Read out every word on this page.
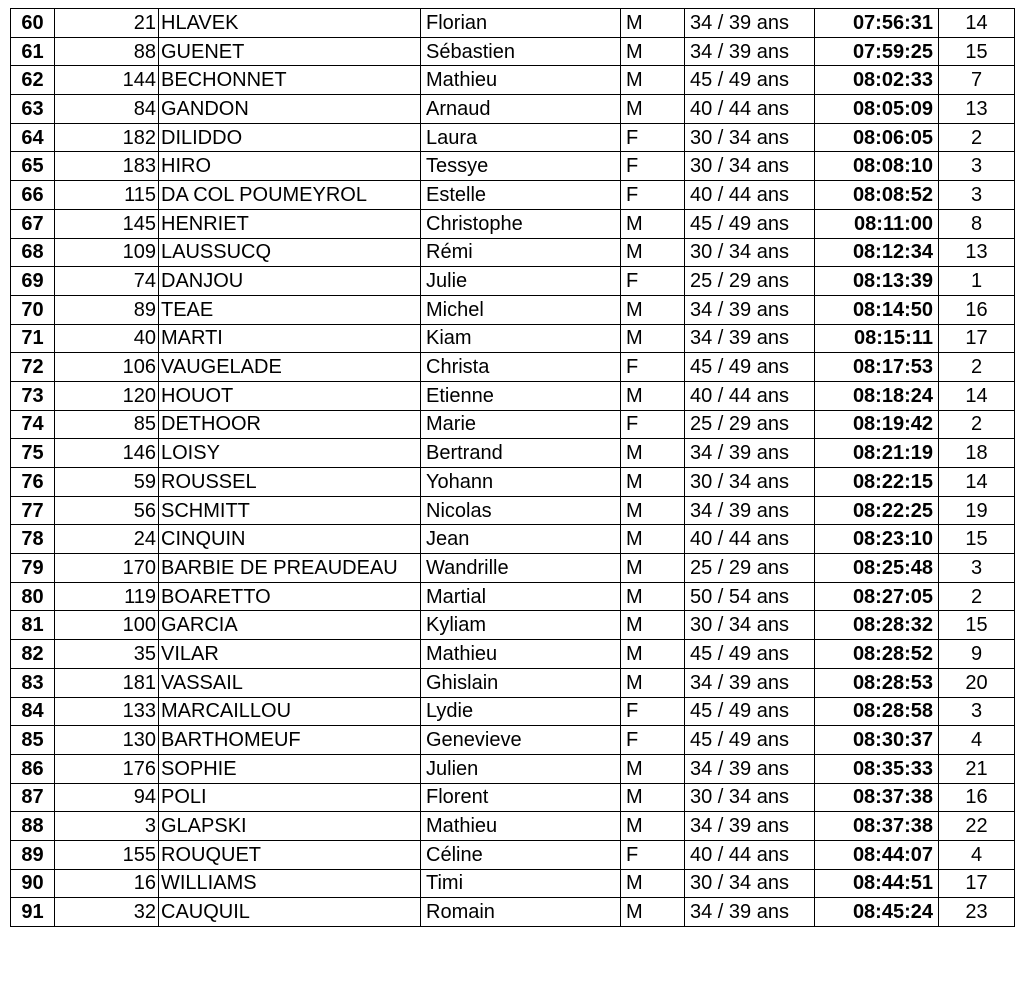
60	21	HLAVEK	Florian	M	34 / 39 ans	07:56:31	14
61	88	GUENET	Sébastien	M	34 / 39 ans	07:59:25	15
62	144	BECHONNET	Mathieu	M	45 / 49 ans	08:02:33	7
63	84	GANDON	Arnaud	M	40 / 44 ans	08:05:09	13
64	182	DILIDDO	Laura	F	30 / 34 ans	08:06:05	2
65	183	HIRO	Tessye	F	30 / 34 ans	08:08:10	3
66	115	DA COL POUMEYROL	Estelle	F	40 / 44 ans	08:08:52	3
67	145	HENRIET	Christophe	M	45 / 49 ans	08:11:00	8
68	109	LAUSSUCQ	Rémi	M	30 / 34 ans	08:12:34	13
69	74	DANJOU	Julie	F	25 / 29 ans	08:13:39	1
70	89	TEAE	Michel	M	34 / 39 ans	08:14:50	16
71	40	MARTI	Kiam	M	34 / 39 ans	08:15:11	17
72	106	VAUGELADE	Christa	F	45 / 49 ans	08:17:53	2
73	120	HOUOT	Etienne	M	40 / 44 ans	08:18:24	14
74	85	DETHOOR	Marie	F	25 / 29 ans	08:19:42	2
75	146	LOISY	Bertrand	M	34 / 39 ans	08:21:19	18
76	59	ROUSSEL	Yohann	M	30 / 34 ans	08:22:15	14
77	56	SCHMITT	Nicolas	M	34 / 39 ans	08:22:25	19
78	24	CINQUIN	Jean	M	40 / 44 ans	08:23:10	15
79	170	BARBIE DE PREAUDEAU	Wandrille	M	25 / 29 ans	08:25:48	3
80	119	BOARETTO	Martial	M	50 / 54 ans	08:27:05	2
81	100	GARCIA	Kyliam	M	30 / 34 ans	08:28:32	15
82	35	VILAR	Mathieu	M	45 / 49 ans	08:28:52	9
83	181	VASSAIL	Ghislain	M	34 / 39 ans	08:28:53	20
84	133	MARCAILLOU	Lydie	F	45 / 49 ans	08:28:58	3
85	130	BARTHOMEUF	Genevieve	F	45 / 49 ans	08:30:37	4
86	176	SOPHIE	Julien	M	34 / 39 ans	08:35:33	21
87	94	POLI	Florent	M	30 / 34 ans	08:37:38	16
88	3	GLAPSKI	Mathieu	M	34 / 39 ans	08:37:38	22
89	155	ROUQUET	Céline	F	40 / 44 ans	08:44:07	4
90	16	WILLIAMS	Timi	M	30 / 34 ans	08:44:51	17
91	32	CAUQUIL	Romain	M	34 / 39 ans	08:45:24	23
